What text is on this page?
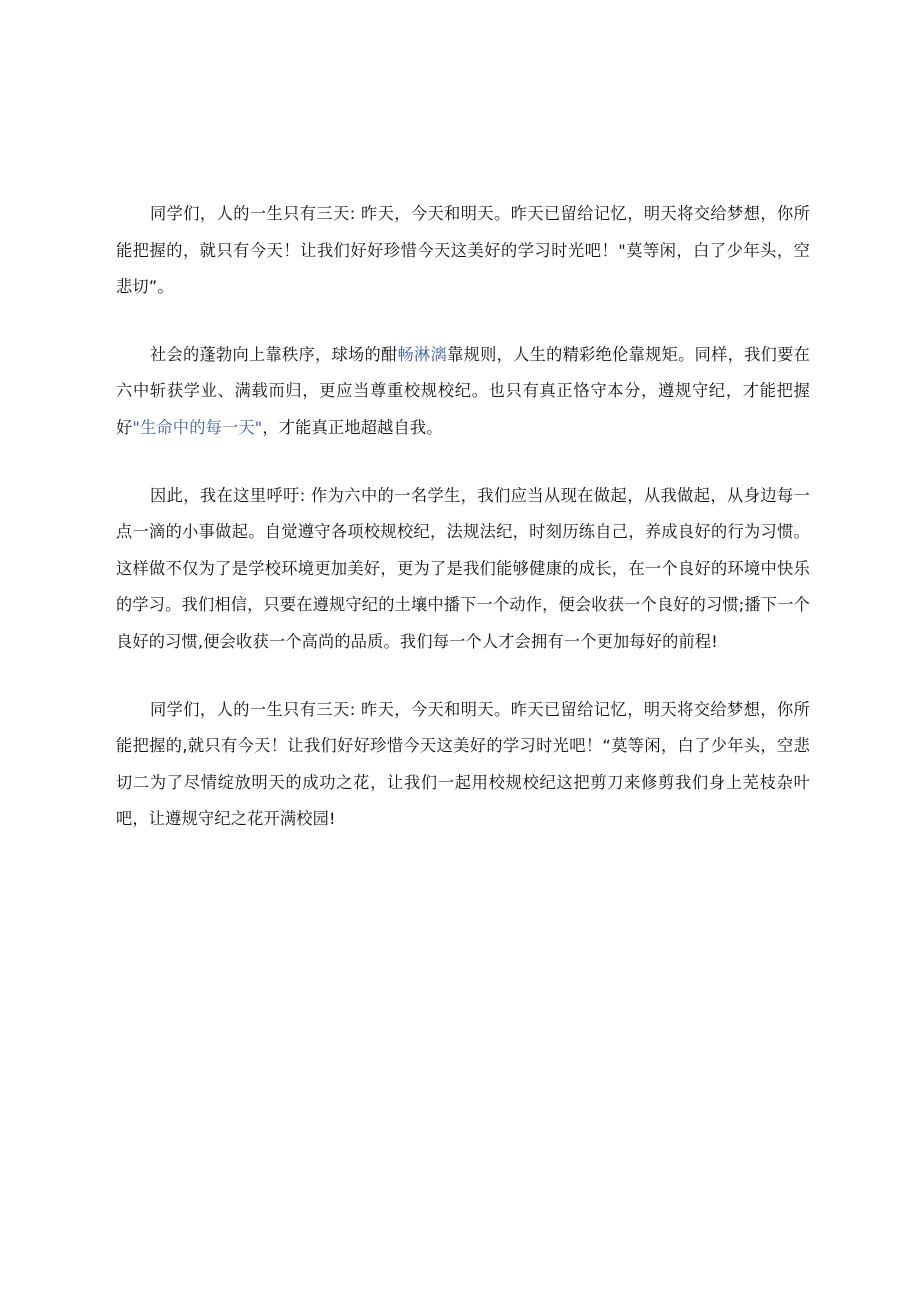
同学们，人的一生只有三天: 昨天，今天和明天。昨天已留给记忆，明天将交给梦想，你所能把握的，就只有今天！让我们好好珍惜今天这美好的学习时光吧！"莫等闲，白了少年头，空悲切”。

社会的蓬勃向上靠秩序，球场的酣畅淋漓靠规则，人生的精彩绝伦靠规矩。同样，我们要在六中斩获学业、满载而归，更应当尊重校规校纪。也只有真正恪守本分，遵规守纪，才能把握好"生命中的每一天"，才能真正地超越自我。

因此，我在这里呼吁: 作为六中的一名学生，我们应当从现在做起，从我做起，从身边每一点一滴的小事做起。自觉遵守各项校规校纪，法规法纪，时刻历练自己，养成良好的行为习惯。这样做不仅为了是学校环境更加美好，更为了是我们能够健康的成长，在一个良好的环境中快乐的学习。我们相信，只要在遵规守纪的土壤中播下一个动作，便会收获一个良好的习惯;播下一个良好的习惯,便会收获一个高尚的品质。我们每一个人才会拥有一个更加每好的前程!

同学们，人的一生只有三天: 昨天，今天和明天。昨天已留给记忆，明天将交给梦想，你所能把握的,就只有今天！让我们好好珍惜今天这美好的学习时光吧！“莫等闲，白了少年头，空悲切二为了尽情绽放明天的成功之花，让我们一起用校规校纪这把剪刀来修剪我们身上芜枝杂叶吧，让遵规守纪之花开满校园!
